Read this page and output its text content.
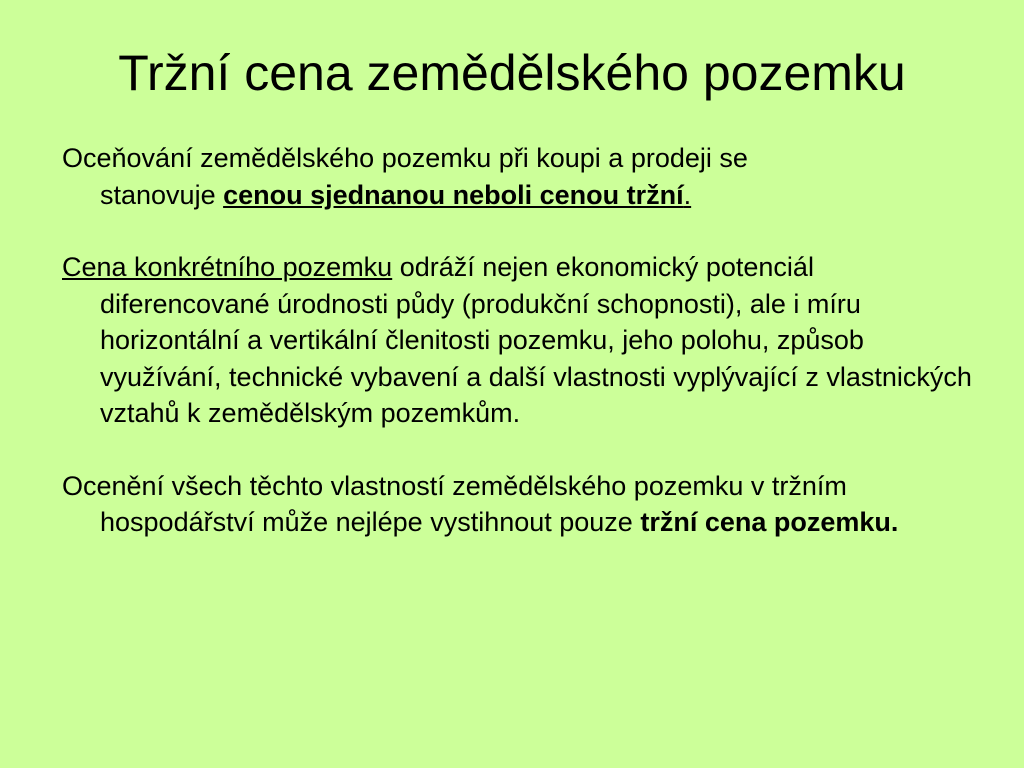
Tržní cena zemědělského pozemku

Oceňování zemědělského pozemku při koupi a prodeji se
stanovuje cenou sjednanou neboli cenou tržní.

Cena konkrétního pozemku odráží nejen ekonomický potenciál diferencované úrodnosti půdy (produkční schopnosti), ale i míru horizontální a vertikální členitosti pozemku, jeho polohu, způsob využívání, technické vybavení a další vlastnosti vyplývající z vlastnických vztahů k zemědělským pozemkům.

Ocenění všech těchto vlastností zemědělského pozemku v tržním hospodářství může nejlépe vystihnout pouze tržní cena pozemku.
